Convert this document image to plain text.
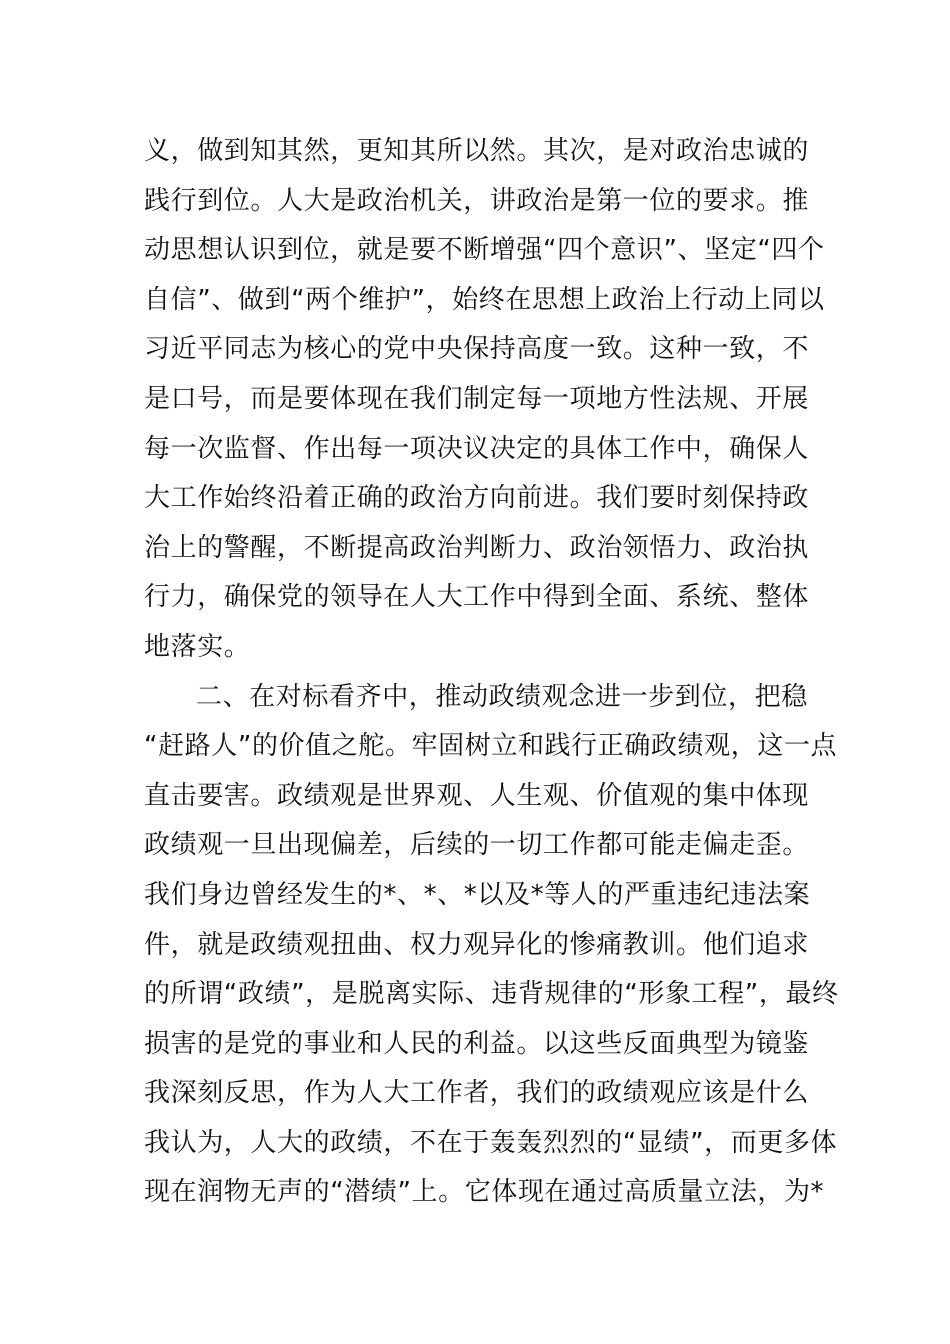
义，做到知其然，更知其所以然。其次，是对政治忠诚的
践行到位。人大是政治机关，讲政治是第一位的要求。推
动思想认识到位，就是要不断增强“四个意识”、坚定“四个
自信”、做到“两个维护”，始终在思想上政治上行动上同以
习近平同志为核心的党中央保持高度一致。这种一致，不
是口号，而是要体现在我们制定每一项地方性法规、开展
每一次监督、作出每一项决议决定的具体工作中，确保人
大工作始终沿着正确的政治方向前进。我们要时刻保持政
治上的警醒，不断提高政治判断力、政治领悟力、政治执
行力，确保党的领导在人大工作中得到全面、系统、整体
地落实。
二、在对标看齐中，推动政绩观念进一步到位，把稳
“赶路人”的价值之舵。牢固树立和践行正确政绩观，这一点
直击要害。政绩观是世界观、人生观、价值观的集中体现
政绩观一旦出现偏差，后续的一切工作都可能走偏走歪。
我们身边曾经发生的*、*、*以及*等人的严重违纪违法案
件，就是政绩观扭曲、权力观异化的惨痛教训。他们追求
的所谓“政绩”，是脱离实际、违背规律的“形象工程”，最终
损害的是党的事业和人民的利益。以这些反面典型为镜鉴
我深刻反思，作为人大工作者，我们的政绩观应该是什么
我认为，人大的政绩，不在于轰轰烈烈的“显绩”，而更多体
现在润物无声的“潜绩”上。它体现在通过高质量立法，为*
